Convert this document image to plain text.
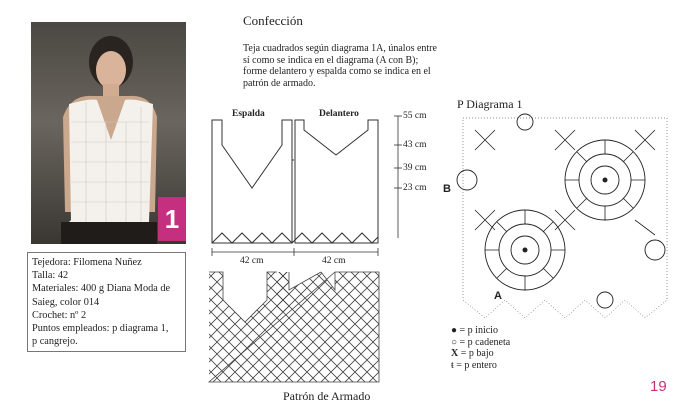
1
Tejedora: Filomena Nuñez
Talla: 42
Materiales: 400 g Diana Moda de
Saieg, color 014
Crochet: nº 2
Puntos empleados: p diagrama 1,
p cangrejo.
Confección
Teja cuadrados según diagrama 1A, únalos entre sí como se indica en el diagrama (A con B); forme delantero y espalda como se indica en el patrón de armado.
Espalda	Delantero	55 cm
43 cm
39 cm
23 cm
42 cm	42 cm
Patrón de Armado
P Diagrama 1
B
A
● = p inicio
○ = p cadeneta
X = p bajo
ŧ = p entero
19
